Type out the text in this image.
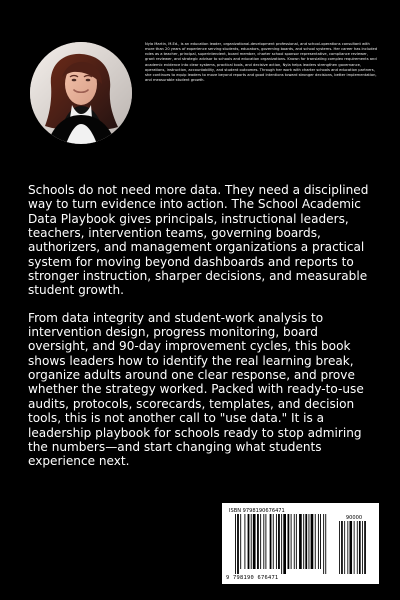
Nyla Martin, M.Ed., is an education leader, organizational-development professional, and school-operations consultant with more than 20 years of experience serving students, educators, governing boards, and school systems. Her career has included roles as a teacher, principal, superintendent, board member, charter school sponsor representative, compliance reviewer, grant reviewer, and strategic advisor to schools and education organizations. Known for translating complex requirements and academic evidence into clear systems, practical tools, and decisive action, Nyla helps leaders strengthen governance, operations, instruction, accountability, and student outcomes. Through her work with charter schools and education partners, she continues to equip leaders to move beyond reports and good intentions toward stronger decisions, better implementation, and measurable student growth.

Schools do not need more data. They need a disciplined way to turn evidence into action. The School Academic Data Playbook gives principals, instructional leaders, teachers, intervention teams, governing boards, authorizers, and management organizations a practical system for moving beyond dashboards and reports to stronger instruction, sharper decisions, and measurable student growth.

From data integrity and student-work analysis to intervention design, progress monitoring, board oversight, and 90-day improvement cycles, this book shows leaders how to identify the real learning break, organize adults around one clear response, and prove whether the strategy worked. Packed with ready-to-use audits, protocols, scorecards, templates, and decision tools, this is not another call to "use data." It is a leadership playbook for schools ready to stop admiring the numbers—and start changing what students experience next.

ISBN 9798190676471
90000
9 798190 676471
